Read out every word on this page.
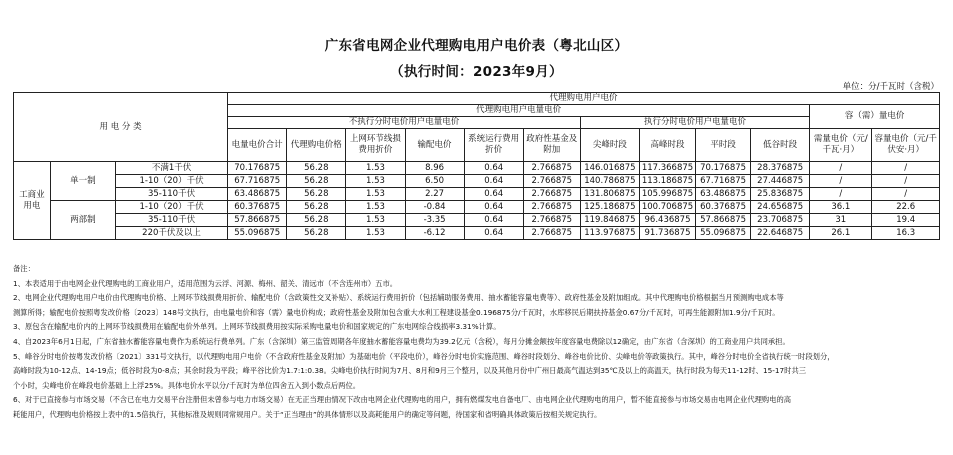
广东省电网企业代理购电用户电价表（粤北山区）
（执行时间：2023年9月）
单位：分/千瓦时（含税）
用 电 分 类			代理购电用户电价											
			代理购电用户电量电价										容（需）量电价	
			不执行分时电价用户电量电价						执行分时电价用户电量电价					
			电量电价合计	代理购电价格	上网环节线损费用折价	输配电价	系统运行费用折价	政府性基金及附加	尖峰时段	高峰时段	平时段	低谷时段	需量电价（元/千瓦·月）	容量电价（元/千伏安·月）
工商业用电	单一制	不满1千伏	70.176875	56.28	1.53	8.96	0.64	2.766875	146.016875	117.366875	70.176875	28.376875	/	/
		1-10（20）千伏	67.716875	56.28	1.53	6.50	0.64	2.766875	140.786875	113.186875	67.716875	27.446875	/	/
		35-110千伏	63.486875	56.28	1.53	2.27	0.64	2.766875	131.806875	105.996875	63.486875	25.836875	/	/
	两部制	1-10（20）千伏	60.376875	56.28	1.53	-0.84	0.64	2.766875	125.186875	100.706875	60.376875	24.656875	36.1	22.6
		35-110千伏	57.866875	56.28	1.53	-3.35	0.64	2.766875	119.846875	96.436875	57.866875	23.706875	31	19.4
		220千伏及以上	55.096875	56.28	1.53	-6.12	0.64	2.766875	113.976875	91.736875	55.096875	22.646875	26.1	16.3

备注：

1、本表适用于由电网企业代理购电的工商业用户，适用范围为云浮、河源、梅州、韶关、清远市（不含连州市）五市。

2、电网企业代理购电用户电价由代理购电价格、上网环节线损费用折价、输配电价（含政策性交叉补贴）、系统运行费用折价（包括辅助服务费用、抽水蓄能容量电费等）、政府性基金及附加组成。其中代理购电价格根据当月预测购电成本等

测算所得；输配电价按照粤发改价格〔2023〕148号文执行，由电量电价和容（需）量电价构成；政府性基金及附加包含重大水利工程建设基金0.196875分/千瓦时，水库移民后期扶持基金0.67分/千瓦时，可再生能源附加1.9分/千瓦时。

3、原包含在输配电价内的上网环节线损费用在输配电价外单列。上网环节线损费用按实际采购电量电价和国家规定的广东电网综合线损率3.31%计算。

4、自2023年6月1日起，广东省抽水蓄能容量电费作为系统运行费单列。广东（含深圳）第三监管周期各年度抽水蓄能容量电费均为39.2亿元（含税），每月分摊金额按年度容量电费除以12确定，由广东省（含深圳）的工商业用户共同承担。

5、峰谷分时电价按粤发改价格〔2021〕331号文执行，以代理购电用户电价（不含政府性基金及附加）为基础电价（平段电价），峰谷分时电价实施范围、峰谷时段划分、峰谷电价比价、尖峰电价等政策执行。其中，峰谷分时电价全省执行统一时段划分，

高峰时段为10-12点、14-19点；低谷时段为0-8点；其余时段为平段；峰平谷比价为1.7:1:0.38。尖峰电价执行时间为7月、8月和9月三个整月，以及其他月份中广州日最高气温达到35℃及以上的高温天，执行时段为每天11-12时、15-17时共三

个小时，尖峰电价在峰段电价基础上上浮25%。具体电价水平以分/千瓦时为单位四舍五入到小数点后两位。

6、对于已直接参与市场交易（不含已在电力交易平台注册但未曾参与电力市场交易）在无正当理由情况下改由电网企业代理购电的用户，拥有燃煤发电自备电厂、由电网企业代理购电的用户，暂不能直接参与市场交易由电网企业代理购电的高

耗能用户，代理购电价格按上表中的1.5倍执行，其他标准及规则同常规用户。关于“正当理由”的具体情形以及高耗能用户的确定等问题，待国家和省明确具体政策后按相关规定执行。
